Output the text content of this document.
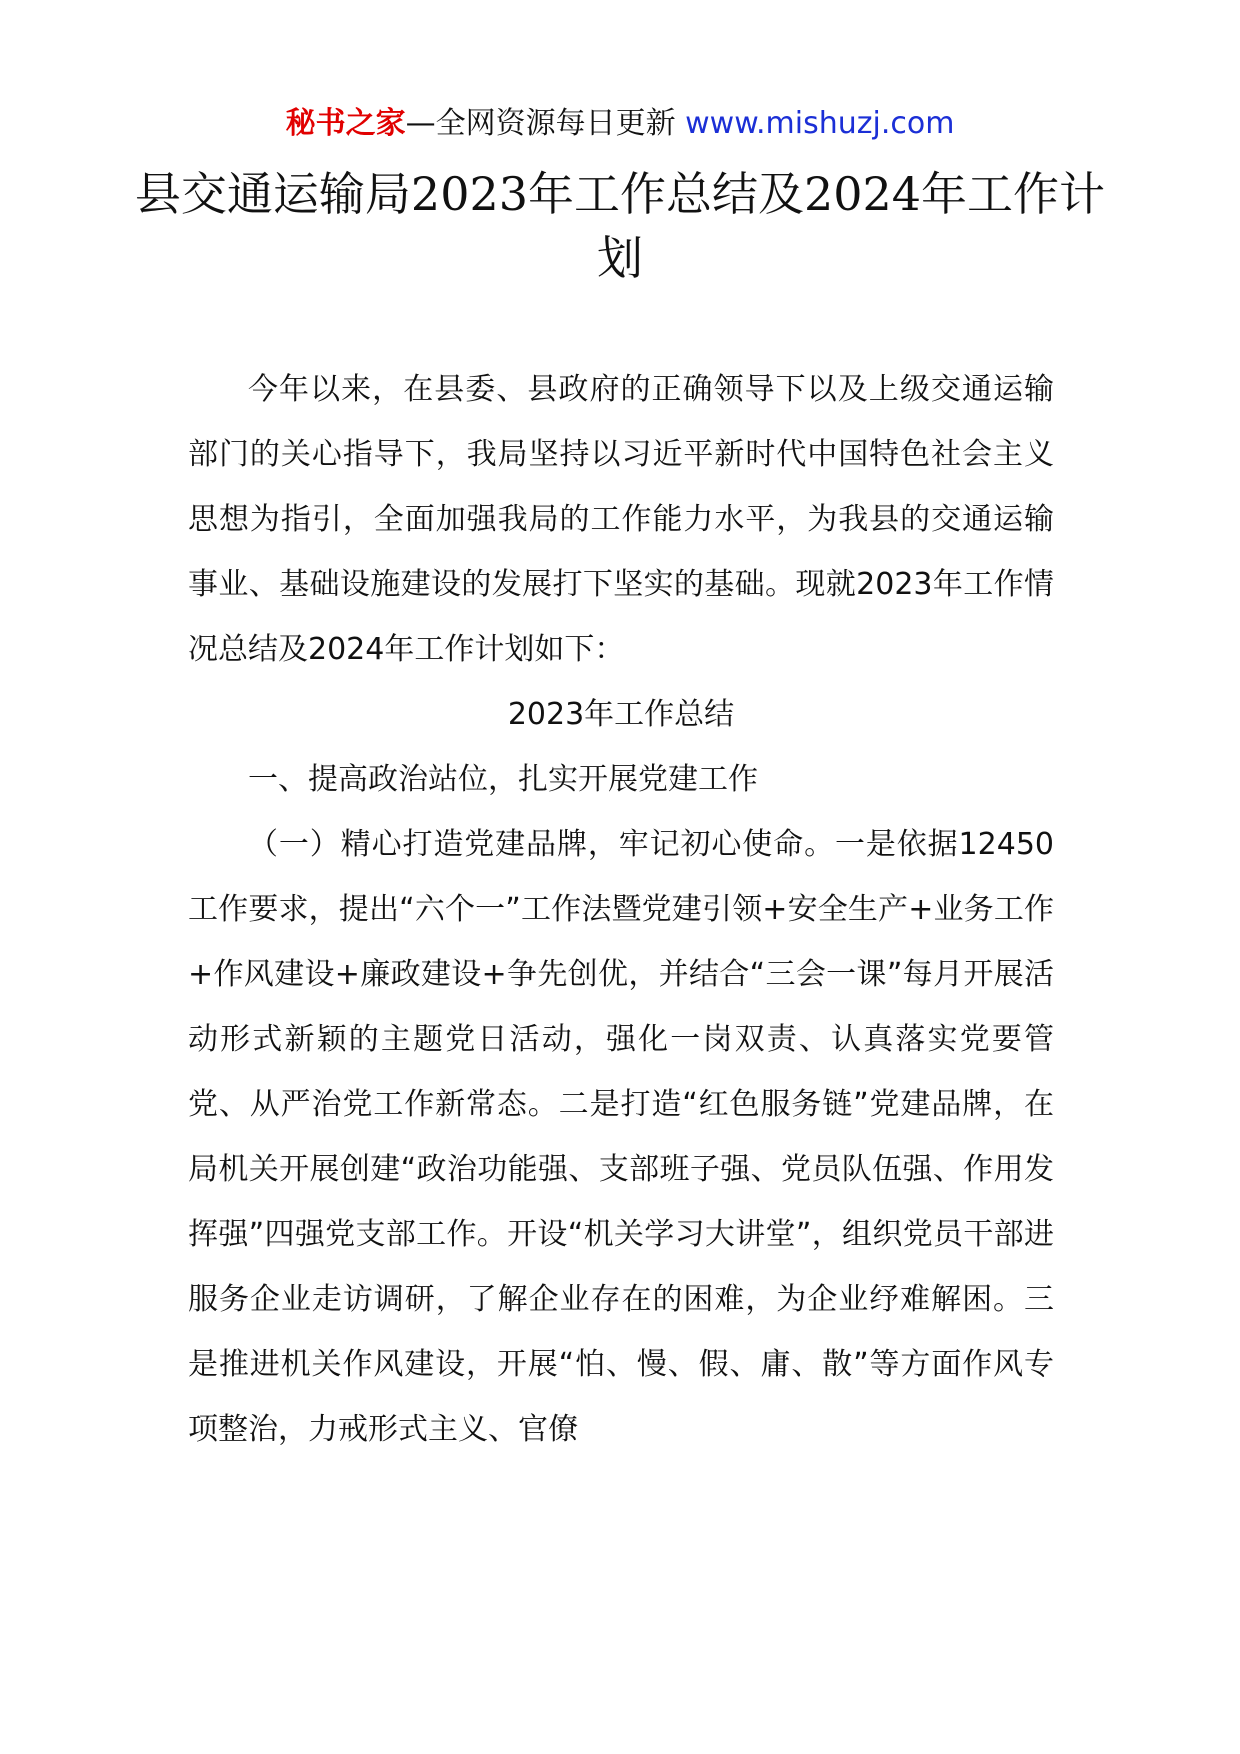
秘书之家—全网资源每日更新 www.mishuzj.com
县交通运输局2023年工作总结及2024年工作计划

今年以来，在县委、县政府的正确领导下以及上级交通运输部门的关心指导下，我局坚持以习近平新时代中国特色社会主义思想为指引，全面加强我局的工作能力水平，为我县的交通运输事业、基础设施建设的发展打下坚实的基础。现就2023年工作情况总结及2024年工作计划如下：

2023年工作总结

一、提高政治站位，扎实开展党建工作

（一）精心打造党建品牌，牢记初心使命。一是依据12450工作要求，提出“六个一”工作法暨党建引领+安全生产+业务工作+作风建设+廉政建设+争先创优，并结合“三会一课”每月开展活动形式新颖的主题党日活动，强化一岗双责、认真落实党要管党、从严治党工作新常态。二是打造“红色服务链”党建品牌，在局机关开展创建“政治功能强、支部班子强、党员队伍强、作用发挥强”四强党支部工作。开设“机关学习大讲堂”，组织党员干部进服务企业走访调研，了解企业存在的困难，为企业纾难解困。三是推进机关作风建设，开展“怕、慢、假、庸、散”等方面作风专项整治，力戒形式主义、官僚
